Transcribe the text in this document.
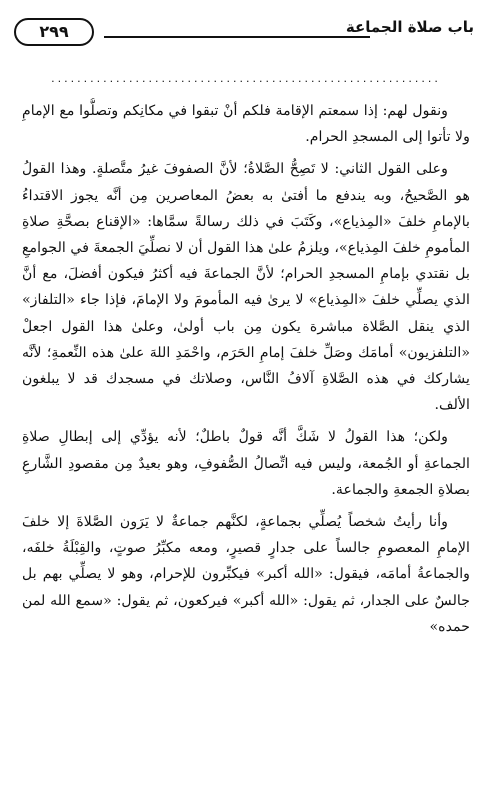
باب صلاة الجماعة
٢٩٩
............................................................

ونقول لهم: إذا سمعتم الإقامة فلكم أنْ تبقوا في مكانِكم وتصلُّوا مع الإمامِ ولا تأتوا إلى المسجدِ الحرام.

وعلى القول الثاني: لا تَصِحُّ الصَّلاةُ؛ لأنَّ الصفوفَ غيرُ متَّصلةٍ. وهذا القولُ هو الصَّحيحُ، وبه يندفع ما أفتىٰ به بعضُ المعاصرين مِن أنَّه يجوز الاقتداءُ بالإمامِ خلفَ «المِذياع»، وكَتَبَ في ذلك رسالةً سمَّاها: «الإقناع بصحَّةِ صلاةِ المأمومِ خلفَ المِذياع»، ويلزمُ علىٰ هذا القول أن لا نصلِّيَ الجمعةَ في الجوامعِ بل نقتدي بإمامِ المسجدِ الحرام؛ لأنَّ الجماعةَ فيه أكثرُ فيكون أفضلَ، مع أنَّ الذي يصلِّي خلفَ «المِذياع» لا يرىٰ فيه المأمومَ ولا الإمامَ، فإذا جاء «التلفاز» الذي ينقل الصَّلاة مباشرة يكون مِن باب أولىٰ، وعلىٰ هذا القول اجعلْ «التلفزيون» أمامَك وصَلِّ خلفَ إمامِ الحَرَم، واحْمَدِ اللهَ علىٰ هذه النِّعمةِ؛ لأنَّه يشاركك في هذه الصَّلاةِ آلافُ النَّاس، وصلاتك في مسجدك قد لا يبلغون الألف.

ولكن؛ هذا القولُ لا شَكَّ أنَّه قولٌ باطلٌ؛ لأنه يؤدِّي إلى إبطالِ صلاةِ الجماعةِ أو الجُمعة، وليس فيه اتِّصالُ الصُّفوفِ، وهو بعيدٌ مِن مقصودِ الشَّارعِ بصلاةِ الجمعةِ والجماعة.

وأنا رأيتُ شخصاً يُصلِّي بجماعةٍ، لكنَّهم جماعةٌ لا يَرَون الصَّلاةَ إلا خلفَ الإمامِ المعصومِ جالساً على جدارٍ قصيرٍ، ومعه مكبِّرُ صوتٍ، والقِبْلَةُ خلفَه، والجماعةُ أمامَه، فيقول: «الله أكبر» فيكبِّرون للإحرام، وهو لا يصلِّي بهم بل جالسٌ على الجدار، ثم يقول: «الله أكبر» فيركعون، ثم يقول: «سمع الله لمن حمده»
